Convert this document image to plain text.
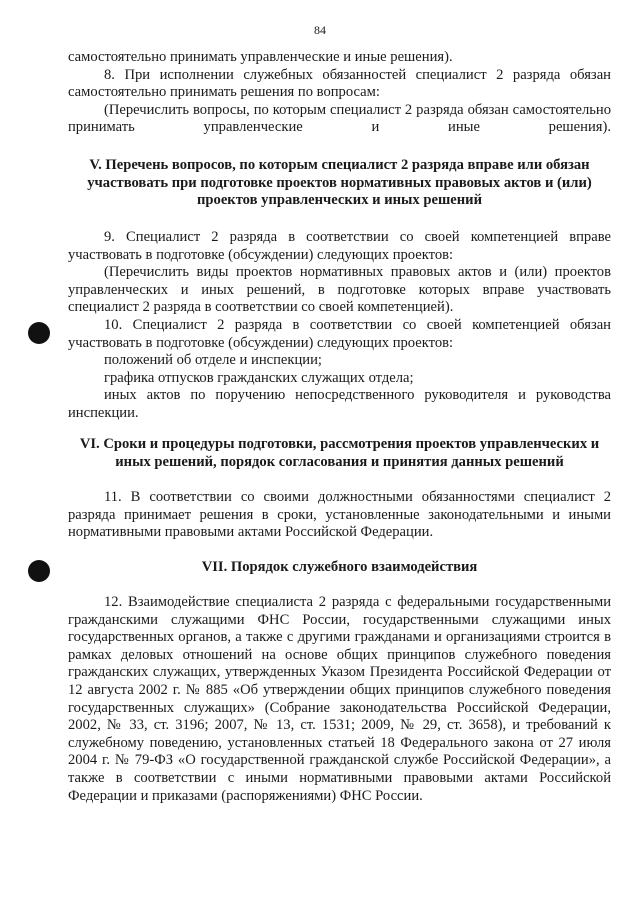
84

самостоятельно принимать управленческие и иные решения).

8. При исполнении служебных обязанностей специалист 2 разряда обязан самостоятельно принимать решения по вопросам:

(Перечислить вопросы, по которым специалист 2 разряда обязан самостоятельно принимать управленческие и иные решения).

V. Перечень вопросов, по которым специалист 2 разряда вправе или обязан участвовать при подготовке проектов нормативных правовых актов и (или) проектов управленческих и иных решений

9. Специалист 2 разряда в соответствии со своей компетенцией вправе участвовать в подготовке (обсуждении) следующих проектов:

(Перечислить виды проектов нормативных правовых актов и (или) проектов управленческих и иных решений, в подготовке которых вправе участвовать специалист 2 разряда в соответствии со своей компетенцией).

10. Специалист 2 разряда в соответствии со своей компетенцией обязан участвовать в подготовке (обсуждении) следующих проектов:

положений об отделе и инспекции;

графика отпусков гражданских служащих отдела;

иных актов по поручению непосредственного руководителя и руководства инспекции.

VI. Сроки и процедуры подготовки, рассмотрения проектов управленческих и иных решений, порядок согласования и принятия данных решений

11. В соответствии со своими должностными обязанностями специалист 2 разряда принимает решения в сроки, установленные законодательными и иными нормативными правовыми актами Российской Федерации.

VII. Порядок служебного взаимодействия

12. Взаимодействие специалиста 2 разряда с федеральными государственными гражданскими служащими ФНС России, государственными служащими иных государственных органов, а также с другими гражданами и организациями строится в рамках деловых отношений на основе общих принципов служебного поведения гражданских служащих, утвержденных Указом Президента Российской Федерации от 12 августа 2002 г. № 885 «Об утверждении общих принципов служебного поведения государственных служащих» (Собрание законодательства Российской Федерации, 2002, № 33, ст. 3196; 2007, № 13, ст. 1531; 2009, № 29, ст. 3658), и требований к служебному поведению, установленных статьей 18 Федерального закона от 27 июля 2004 г. № 79-ФЗ «О государственной гражданской службе Российской Федерации», а также в соответствии с иными нормативными правовыми актами Российской Федерации и приказами (распоряжениями) ФНС России.
